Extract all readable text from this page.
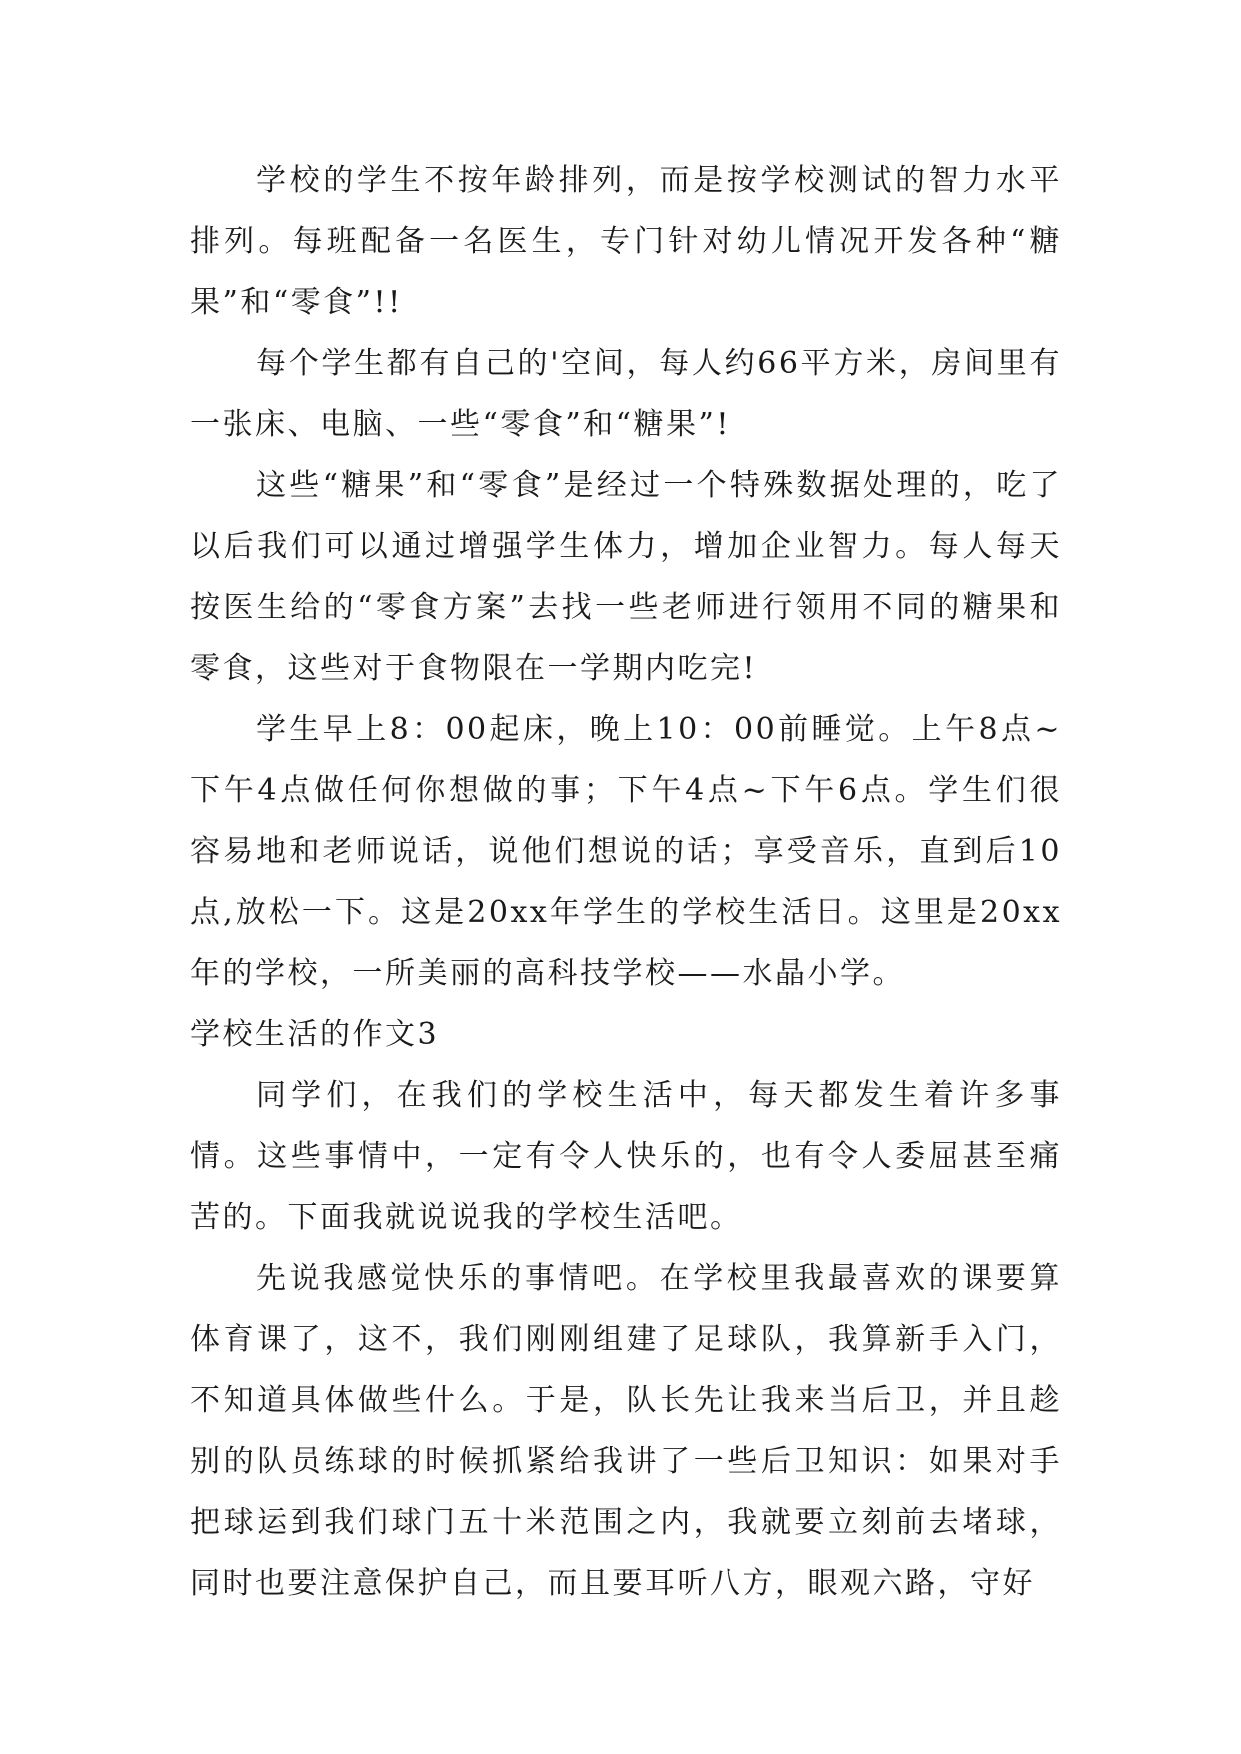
学校的学生不按年龄排列，而是按学校测试的智力水平排列。每班配备一名医生，专门针对幼儿情况开发各种“糖果”和“零食”!!

每个学生都有自己的'空间，每人约66平方米，房间里有一张床、电脑、一些“零食”和“糖果”!

这些“糖果”和“零食”是经过一个特殊数据处理的，吃了以后我们可以通过增强学生体力，增加企业智力。每人每天按医生给的“零食方案”去找一些老师进行领用不同的糖果和零食，这些对于食物限在一学期内吃完!

学生早上8：00起床，晚上10：00前睡觉。上午8点~下午4点做任何你想做的事；下午4点~下午6点。学生们很容易地和老师说话，说他们想说的话；享受音乐，直到后10点,放松一下。这是20xx年学生的学校生活日。这里是20xx年的学校，一所美丽的高科技学校——水晶小学。

学校生活的作文3

同学们，在我们的学校生活中，每天都发生着许多事情。这些事情中，一定有令人快乐的，也有令人委屈甚至痛苦的。下面我就说说我的学校生活吧。

先说我感觉快乐的事情吧。在学校里我最喜欢的课要算体育课了，这不，我们刚刚组建了足球队，我算新手入门，不知道具体做些什么。于是，队长先让我来当后卫，并且趁别的队员练球的时候抓紧给我讲了一些后卫知识：如果对手把球运到我们球门五十米范围之内，我就要立刻前去堵球，同时也要注意保护自己，而且要耳听八方，眼观六路，守好
